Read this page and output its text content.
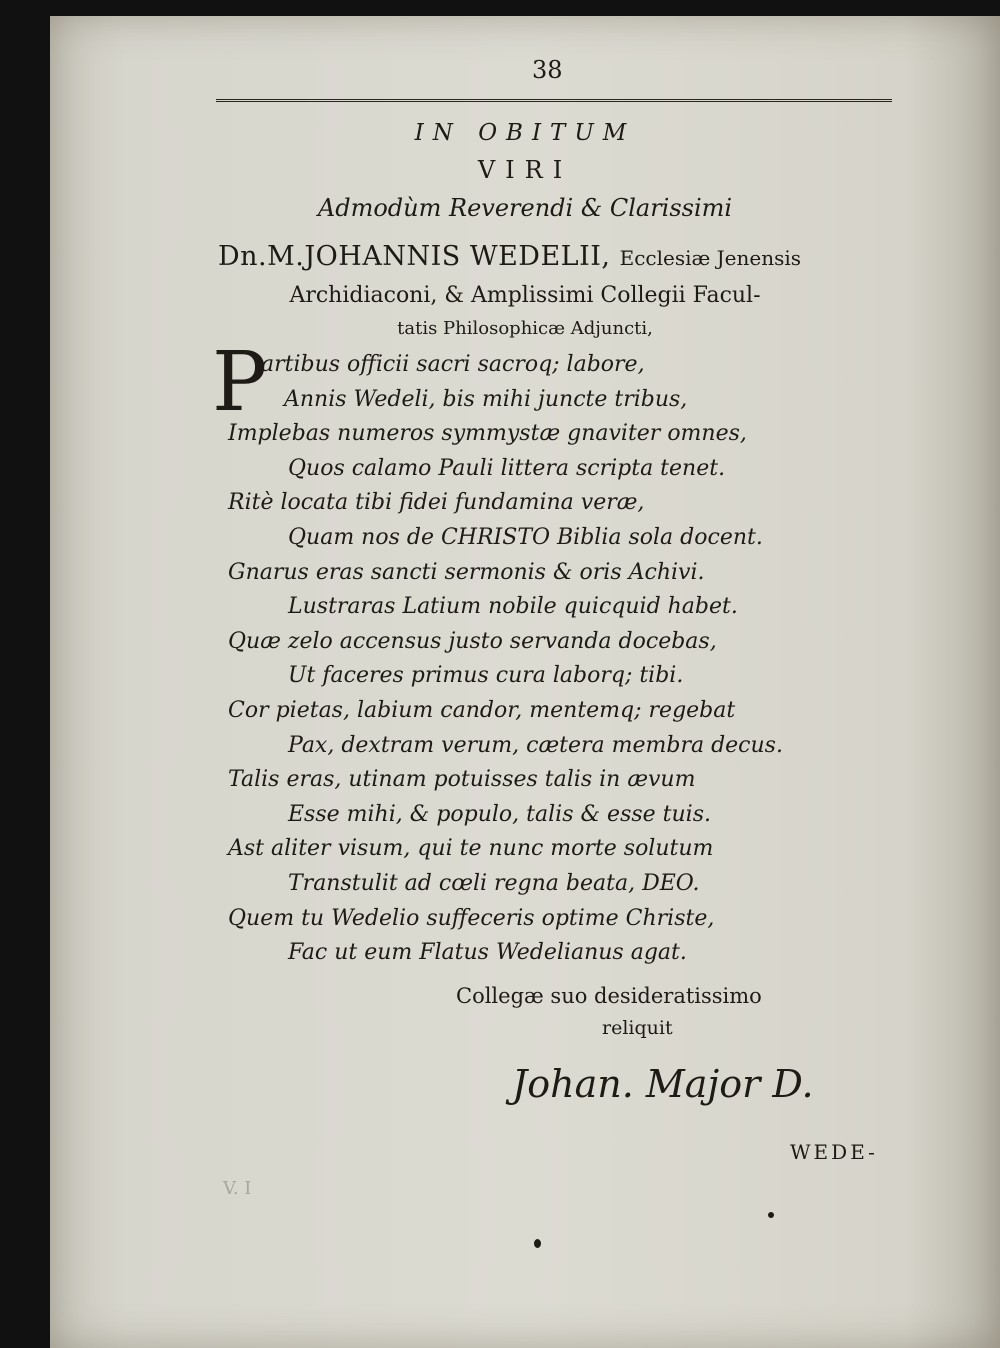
38
IN OBITUM
VIRI
Admodùm Reverendi & Clarissimi
Dn.M.JOHANNIS WEDELII, Ecclesiæ Jenensis
Archidiaconi, & Amplissimi Collegii Facul-
tatis Philosophicæ Adjuncti,
P
artibus officii sacri sacroq; labore,
Annis Wedeli, bis mihi juncte tribus,
Implebas numeros symmystæ gnaviter omnes,
Quos calamo Pauli littera scripta tenet.
Ritè locata tibi fidei fundamina veræ,
Quam nos de CHRISTO Biblia sola docent.
Gnarus eras sancti sermonis & oris Achivi.
Lustraras Latium nobile quicquid habet.
Quæ zelo accensus justo servanda docebas,
Ut faceres primus cura laborq; tibi.
Cor pietas, labium candor, mentemq; regebat
Pax, dextram verum, cætera membra decus.
Talis eras, utinam potuisses talis in ævum
Esse mihi, & populo, talis & esse tuis.
Ast aliter visum, qui te nunc morte solutum
Transtulit ad cœli regna beata, DEO.
Quem tu Wedelio suffeceris optime Christe,
Fac ut eum Flatus Wedelianus agat.
Collegæ suo desideratissimo
reliquit
Johan. Major D.
WEDE-
V. I
